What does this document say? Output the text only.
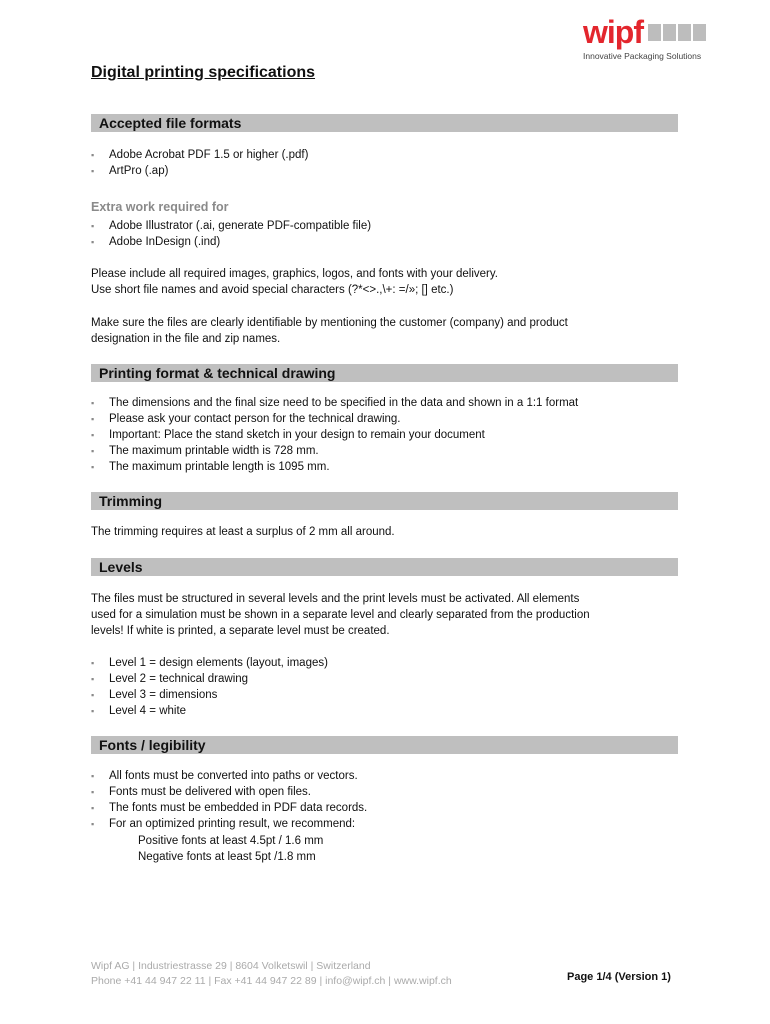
wipf
Innovative Packaging Solutions
Digital printing specifications
Accepted file formats
▪ Adobe Acrobat PDF 1.5 or higher (.pdf)
▪ ArtPro (.ap)
Extra work required for
▪ Adobe Illustrator (.ai, generate PDF-compatible file)
▪ Adobe InDesign (.ind)

Please include all required images, graphics, logos, and fonts with your delivery.

Use short file names and avoid special characters (?*<>.,\+: =/»; [] etc.)

Make sure the files are clearly identifiable by mentioning the customer (company) and product

designation in the file and zip names.

Printing format & technical drawing
▪ The dimensions and the final size need to be specified in the data and shown in a 1:1 format
▪ Please ask your contact person for the technical drawing.
▪ Important: Place the stand sketch in your design to remain your document
▪ The maximum printable width is 728 mm.
▪ The maximum printable length is 1095 mm.
Trimming

The trimming requires at least a surplus of 2 mm all around.

Levels

The files must be structured in several levels and the print levels must be activated. All elements

used for a simulation must be shown in a separate level and clearly separated from the production

levels! If white is printed, a separate level must be created.

▪ Level 1 = design elements (layout, images)
▪ Level 2 = technical drawing
▪ Level 3 = dimensions
▪ Level 4 = white
Fonts / legibility
▪ All fonts must be converted into paths or vectors.
▪ Fonts must be delivered with open files.
▪ The fonts must be embedded in PDF data records.
▪ For an optimized printing result, we recommend:

Positive fonts at least 4.5pt / 1.6 mm

Negative fonts at least 5pt /1.8 mm

Wipf AG | Industriestrasse 29 | 8604 Volketswil | Switzerland
Phone +41 44 947 22 11 | Fax +41 44 947 22 89 | info@wipf.ch | www.wipf.ch	Page 1/4 (Version 1)
